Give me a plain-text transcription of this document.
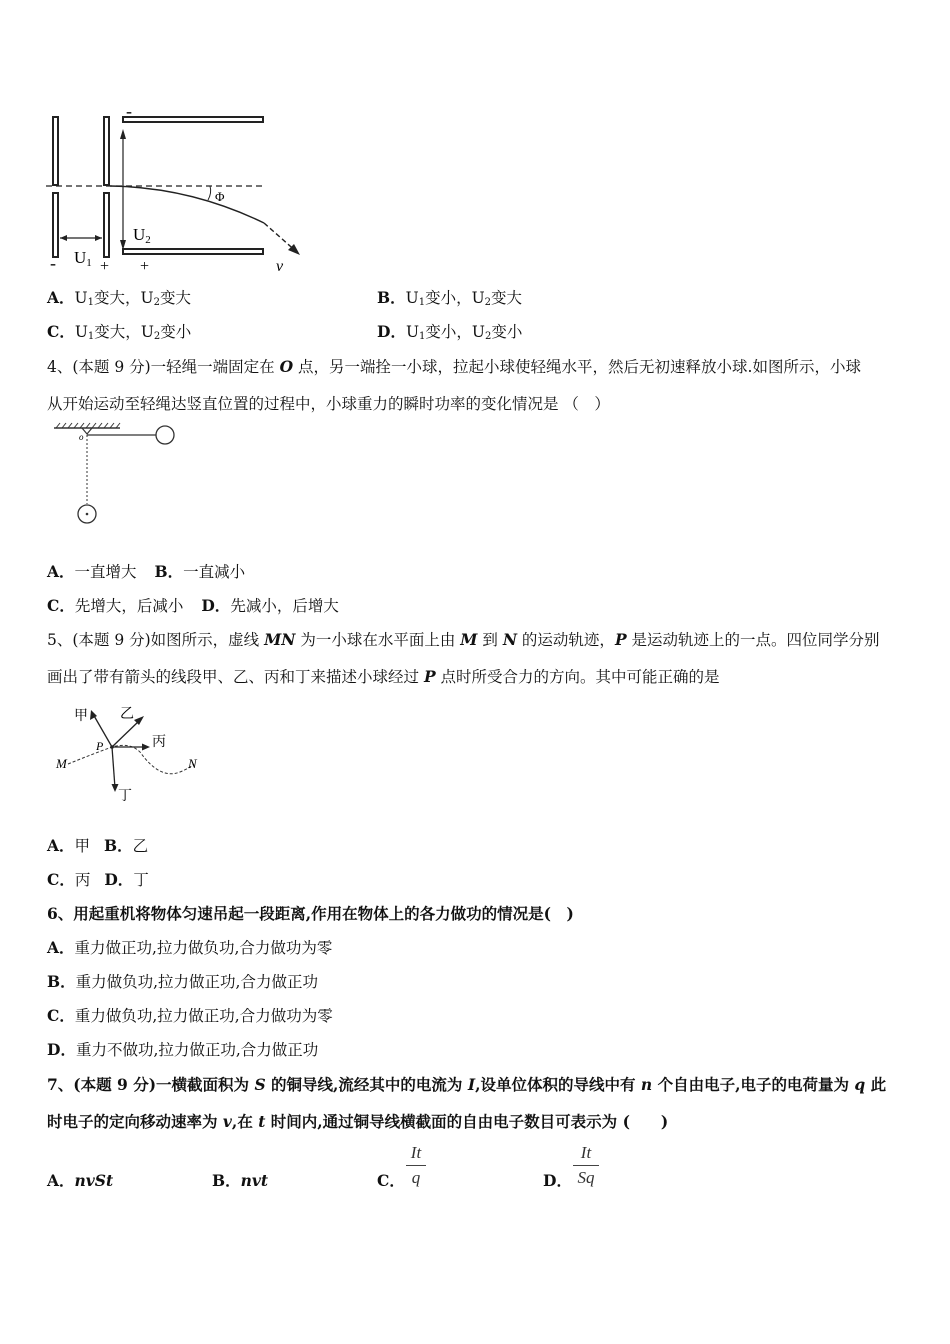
-
Φ
U2
U1
-	+ +	v
A．$U_1$变大，$U_2$变大	B．$U_1$变小，$U_2$变大
C．$U_1$变大，$U_2$变小	D．$U_1$变小，$U_2$变小
4、(本题 9 分)一轻绳一端固定在 O 点，另一端拴一小球，拉起小球使轻绳水平，然后无初速释放小球.如图所示，小球
从开始运动至轻绳达竖直位置的过程中，小球重力的瞬时功率的变化情况是 （　）
o
A．一直增大 B．一直减小
C．先增大，后减小 D．先减小，后增大
5、(本题 9 分)如图所示，虚线 MN 为一小球在水平面上由 M 到 N 的运动轨迹，P 是运动轨迹上的一点。四位同学分别
画出了带有箭头的线段甲、乙、丙和丁来描述小球经过 P 点时所受合力的方向。其中可能正确的是
甲 乙
丙
丁
M	N
P
A．甲 B．乙
C．丙 D．丁
6、用起重机将物体匀速吊起一段距离,作用在物体上的各力做功的情况是(　)
A．重力做正功,拉力做负功,合力做功为零
B．重力做负功,拉力做正功,合力做正功
C．重力做负功,拉力做正功,合力做功为零
D．重力不做功,拉力做正功,合力做正功
7、(本题 9 分)一横截面积为 S 的铜导线,流经其中的电流为 I,设单位体积的导线中有 n 个自由电子,电子的电荷量为 q 此
时电子的定向移动速率为 v,在 t 时间内,通过铜导线横截面的自由电子数目可表示为 (　　)
A．nvSt	B．nvt	C． $\frac{It}{q}$	D． $\frac{It}{Sq}$
